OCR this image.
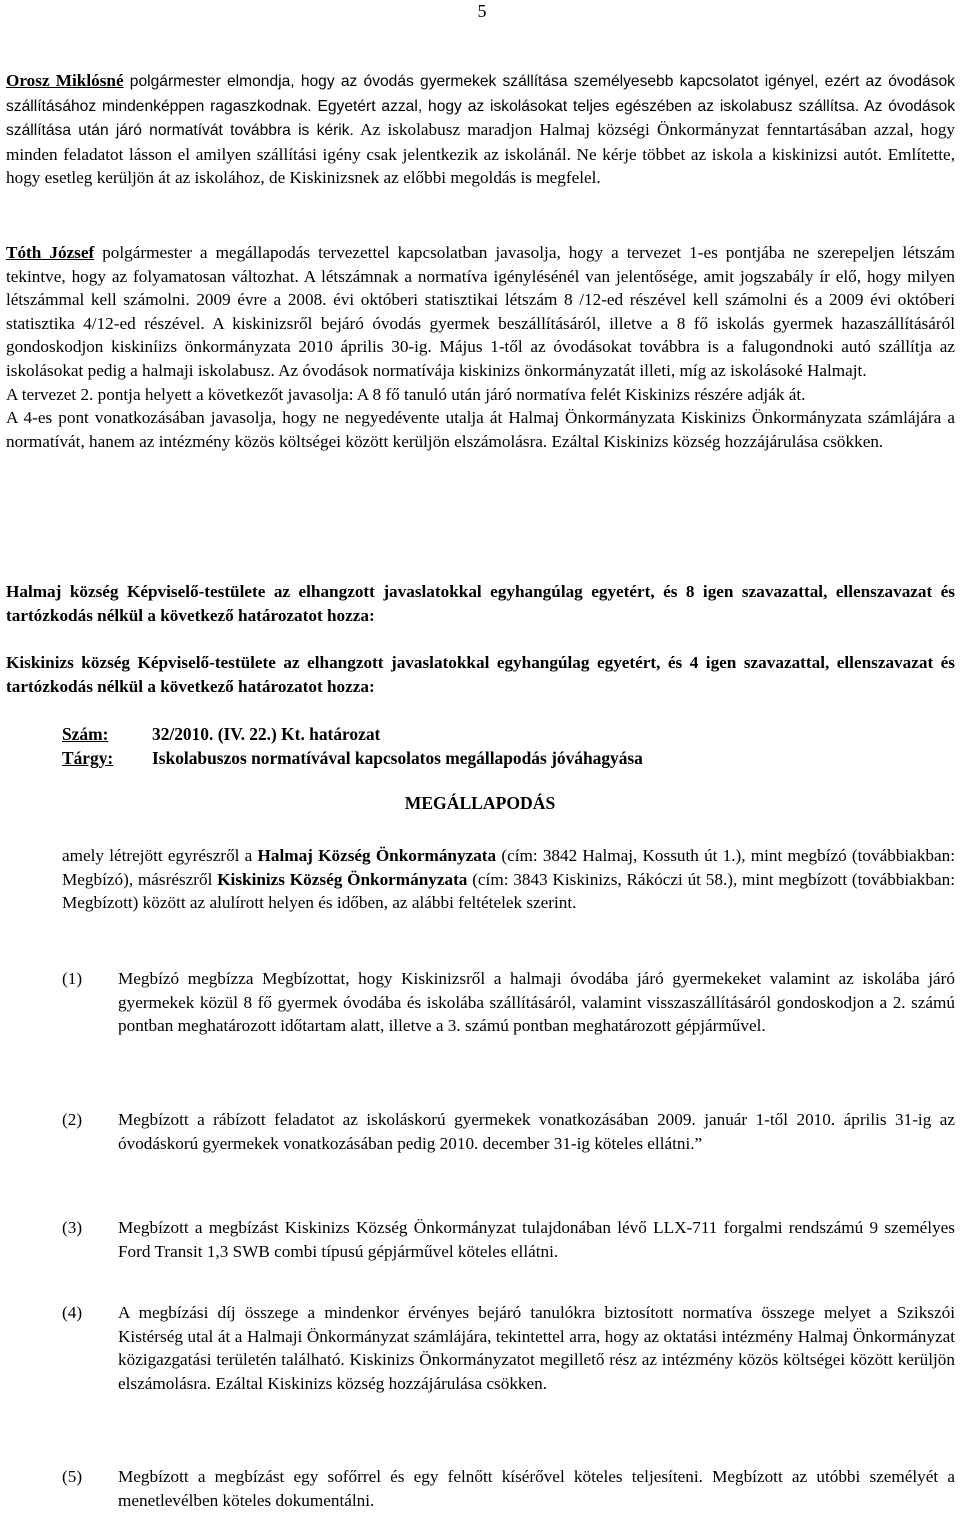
5

Orosz Miklósné polgármester elmondja, hogy az óvodás gyermekek szállítása személyesebb kapcsolatot igényel, ezért az óvodások szállításához mindenképpen ragaszkodnak. Egyetért azzal, hogy az iskolásokat teljes egészében az iskolabusz szállítsa. Az óvodások szállítása után járó normatívát továbbra is kérik. Az iskolabusz maradjon Halmaj községi Önkormányzat fenntartásában azzal, hogy minden feladatot lásson el amilyen szállítási igény csak jelentkezik az iskolánál. Ne kérje többet az iskola a kiskinizsi autót. Említette, hogy esetleg kerüljön át az iskolához, de Kiskinizsnek az előbbi megoldás is megfelel.

Tóth József polgármester a megállapodás tervezettel kapcsolatban javasolja, hogy a tervezet 1-es pontjába ne szerepeljen létszám tekintve, hogy az folyamatosan változhat. A létszámnak a normatíva igénylésénél van jelentősége, amit jogszabály ír elő, hogy milyen létszámmal kell számolni. 2009 évre a 2008. évi októberi statisztikai létszám 8 /12-ed részével kell számolni és a 2009 évi októberi statisztika 4/12-ed részével. A kiskinizsről bejáró óvodás gyermek beszállításáról, illetve a 8 fő iskolás gyermek hazaszállításáról gondoskodjon kiskiníizs önkormányzata 2010 április 30-ig. Május 1-től az óvodásokat továbbra is a falugondnoki autó szállítja az iskolásokat pedig a halmaji iskolabusz. Az óvodások normatívája kiskinizs önkormányzatát illeti, míg az iskolásoké Halmajt.
A tervezet 2. pontja helyett a következőt javasolja: A 8 fő tanuló után járó normatíva felét Kiskinizs részére adják át.
A 4-es pont vonatkozásában javasolja, hogy ne negyedévente utalja át Halmaj Önkormányzata Kiskinizs Önkormányzata számlájára a normatívát, hanem az intézmény közös költségei között kerüljön elszámolásra. Ezáltal Kiskinizs község hozzájárulása csökken.

Halmaj község Képviselő-testülete az elhangzott javaslatokkal egyhangúlag egyetért, és 8 igen szavazattal, ellenszavazat és tartózkodás nélkül a következő határozatot hozza:

Kiskinizs község Képviselő-testülete az elhangzott javaslatokkal egyhangúlag egyetért, és 4 igen szavazattal, ellenszavazat és tartózkodás nélkül a következő határozatot hozza:

Szám:	32/2010. (IV. 22.) Kt. határozat
Tárgy: Iskolabuszos normatívával kapcsolatos megállapodás jóváhagyása
MEGÁLLAPODÁS

amely létrejött egyrészről a Halmaj Község Önkormányzata (cím: 3842 Halmaj, Kossuth út 1.), mint megbízó (továbbiakban: Megbízó), másrészről Kiskinizs Község Önkormányzata (cím: 3843 Kiskinizs, Rákóczi út 58.), mint megbízott (továbbiakban: Megbízott) között az alulírott helyen és időben, az alábbi feltételek szerint.

(1)	Megbízó megbízza Megbízottat, hogy Kiskinizsről a halmaji óvodába járó gyermekeket valamint az iskolába járó gyermekek közül 8 fő gyermek óvodába és iskolába szállításáról, valamint visszaszállításáról gondoskodjon a 2. számú pontban meghatározott időtartam alatt, illetve a 3. számú pontban meghatározott gépjárművel.

(2)	Megbízott a rábízott feladatot az iskoláskorú gyermekek vonatkozásában 2009. január 1-től 2010. április 31-ig az óvodáskorú gyermekek vonatkozásában pedig 2010. december 31-ig köteles ellátni.”

(3)	Megbízott a megbízást Kiskinizs Község Önkormányzat tulajdonában lévő LLX-711 forgalmi rendszámú 9 személyes Ford Transit 1,3 SWB combi típusú gépjárművel köteles ellátni.

(4)	A megbízási díj összege a mindenkor érvényes bejáró tanulókra biztosított normatíva összege melyet a Szikszói Kistérség utal át a Halmaji Önkormányzat számlájára, tekintettel arra, hogy az oktatási intézmény Halmaj Önkormányzat közigazgatási területén található. Kiskinizs Önkormányzatot megillető rész az intézmény közös költségei között kerüljön elszámolásra. Ezáltal Kiskinizs község hozzájárulása csökken.

(5)	Megbízott a megbízást egy sofőrrel és egy felnőtt kísérővel köteles teljesíteni. Megbízott az utóbbi személyét a menetlevélben köteles dokumentálni.
